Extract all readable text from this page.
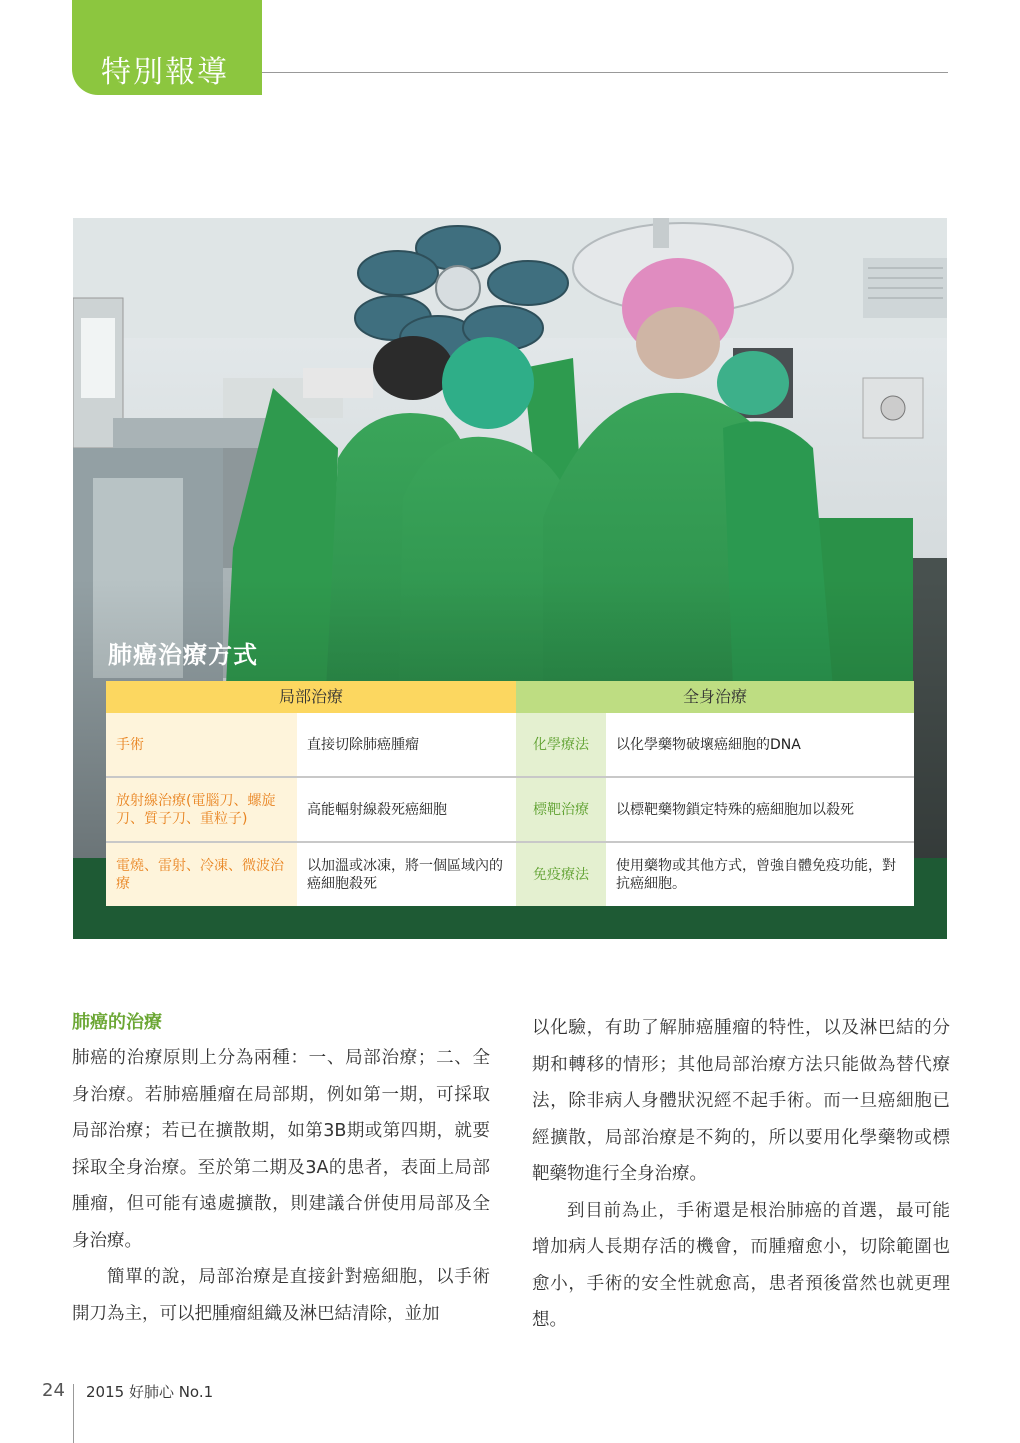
特別報導
肺癌治療方式
局部治療		全身治療	
手術	直接切除肺癌腫瘤	化學療法	以化學藥物破壞癌細胞的DNA
放射線治療(電腦刀、螺旋刀、質子刀、重粒子)	高能輻射線殺死癌細胞	標靶治療	以標靶藥物鎖定特殊的癌細胞加以殺死
電燒、雷射、冷凍、微波治療	以加溫或冰凍，將一個區域內的癌細胞殺死	免疫療法	使用藥物或其他方式，曾強自體免疫功能，對抗癌細胞。
肺癌的治療

肺癌的治療原則上分為兩種：一、局部治療；二、全身治療。若肺癌腫瘤在局部期，例如第一期，可採取局部治療；若已在擴散期，如第3B期或第四期，就要採取全身治療。至於第二期及3A的患者，表面上局部腫瘤，但可能有遠處擴散，則建議合併使用局部及全身治療。

簡單的說，局部治療是直接針對癌細胞，以手術開刀為主，可以把腫瘤組織及淋巴結清除，並加

以化驗，有助了解肺癌腫瘤的特性，以及淋巴結的分期和轉移的情形；其他局部治療方法只能做為替代療法，除非病人身體狀況經不起手術。而一旦癌細胞已經擴散，局部治療是不夠的，所以要用化學藥物或標靶藥物進行全身治療。

到目前為止，手術還是根治肺癌的首選，最可能增加病人長期存活的機會，而腫瘤愈小，切除範圍也愈小，手術的安全性就愈高，患者預後當然也就更理想。

24 2015 好肺心 No.1
